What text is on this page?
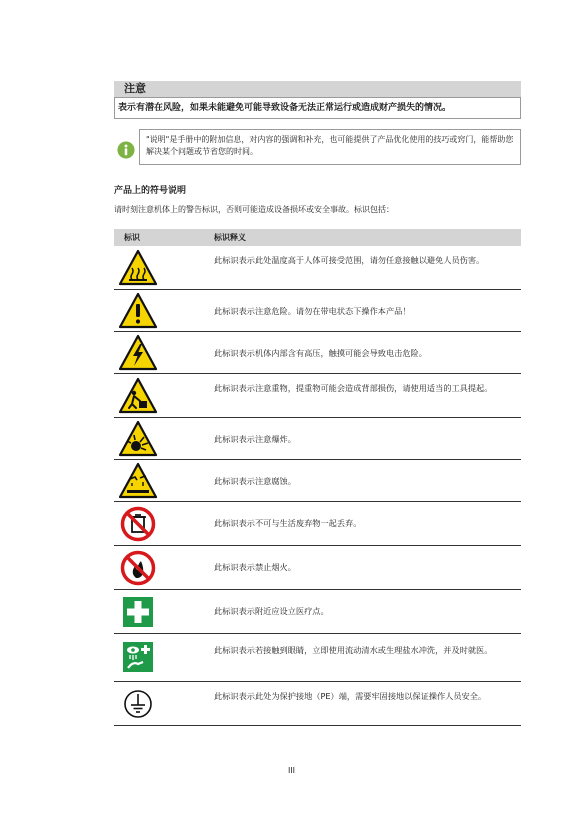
注意
表示有潜在风险，如果未能避免可能导致设备无法正常运行或造成财产损失的情况。
"说明"是手册中的附加信息，对内容的强调和补充，也可能提供了产品优化使用的技巧或窍门，能帮助您解决某个问题或节省您的时间。
产品上的符号说明
请时刻注意机体上的警告标识，否则可能造成设备损坏或安全事故。标识包括：
标识	标识释义
此标识表示此处温度高于人体可接受范围，请勿任意接触以避免人员伤害。
此标识表示注意危险。请勿在带电状态下操作本产品！
此标识表示机体内部含有高压，触摸可能会导致电击危险。
此标识表示注意重物，提重物可能会造成背部损伤，请使用适当的工具提起。
此标识表示注意爆炸。
此标识表示注意腐蚀。
此标识表示不可与生活废弃物一起丢弃。
此标识表示禁止烟火。
此标识表示附近应设立医疗点。
此标识表示若接触到眼睛，立即使用流动清水或生理盐水冲洗，并及时就医。
此标识表示此处为保护接地（PE）端，需要牢固接地以保证操作人员安全。
III
